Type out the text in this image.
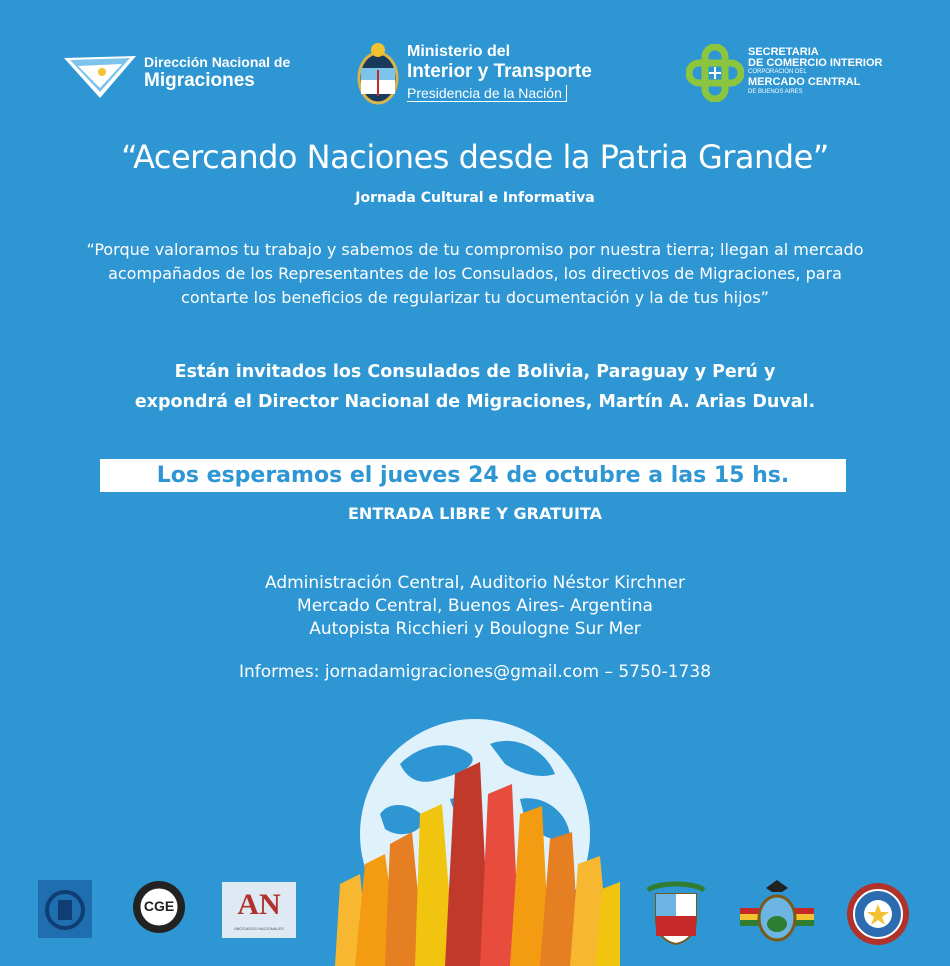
Dirección Nacional de
Migraciones
Ministerio del
Interior y Transporte
Presidencia de la Nación
SECRETARIA
DE COMERCIO INTERIOR
CORPORACIÓN DEL
MERCADO CENTRAL
DE BUENOS AIRES
“Acercando Naciones desde la Patria Grande”
Jornada Cultural e Informativa
“Porque valoramos tu trabajo y sabemos de tu compromiso por nuestra tierra; llegan al mercado
acompañados de los Representantes de los Consulados, los directivos de Migraciones, para
contarte los beneficios de regularizar tu documentación y la de tus hijos”
Están invitados los Consulados de Bolivia, Paraguay y Perú y
expondrá el Director Nacional de Migraciones, Martín A. Arias Duval.
Los esperamos el jueves 24 de octubre a las 15 hs.
ENTRADA LIBRE Y GRATUITA
Administración Central, Auditorio Néstor Kirchner
Mercado Central, Buenos Aires- Argentina
Autopista Ricchieri y Boulogne Sur Mer
Informes: jornadamigraciones@gmail.com – 5750-1738
CGE	AN
ABOGADOS NACIONALES
